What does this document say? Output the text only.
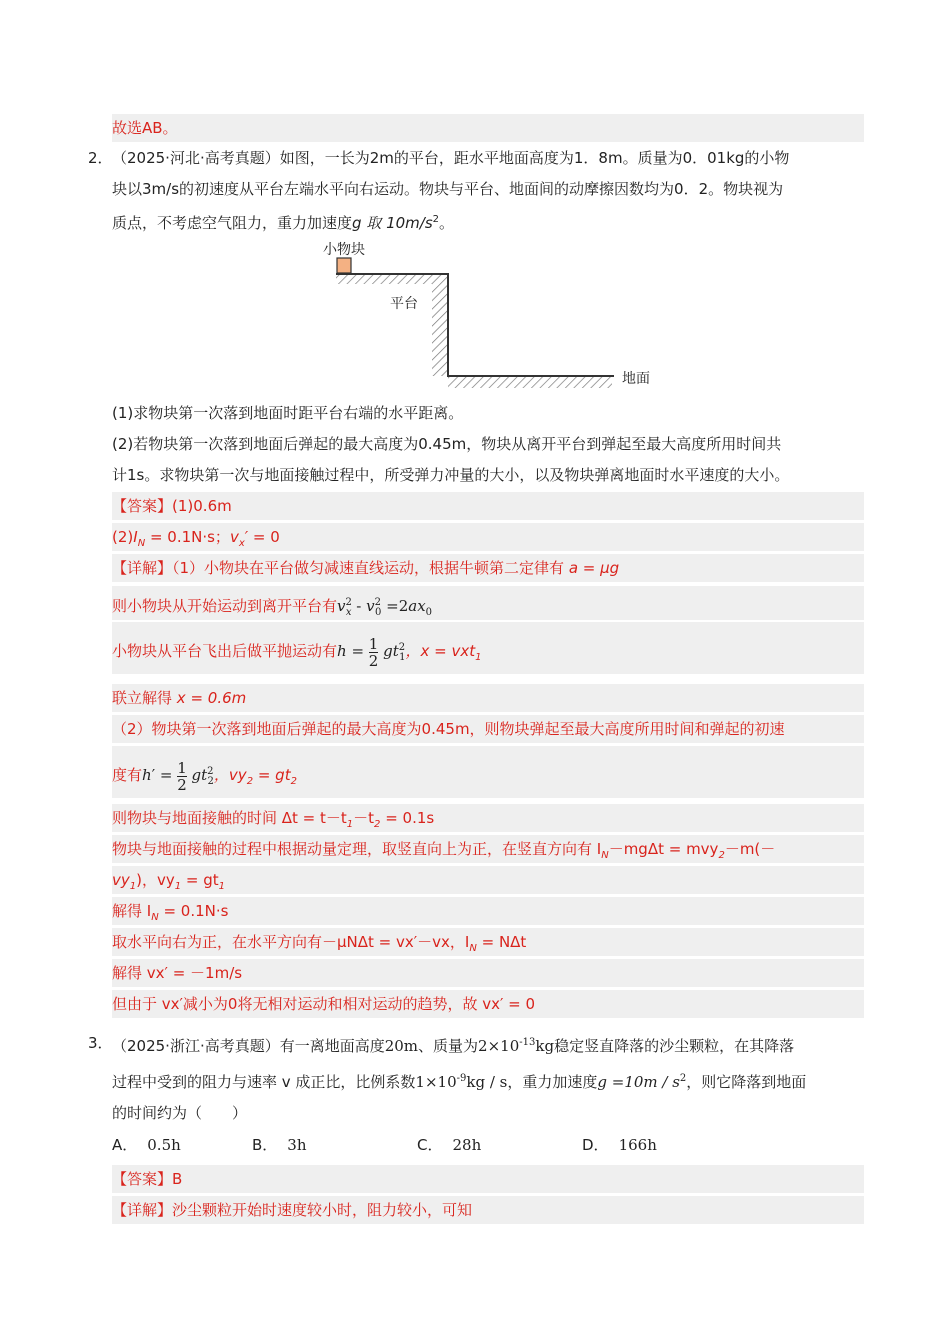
故选AB。
2． （2025·河北·高考真题）如图，一长为2m的平台，距水平地面高度为1．8m。质量为0．01kg的小物
块以3m/s的初速度从平台左端水平向右运动。物块与平台、地面间的动摩擦因数均为0．2。物块视为
质点，不考虑空气阻力，重力加速度g 取 $10m/s^2$。
小物块
平台
地面
(1)求物块第一次落到地面时距平台右端的水平距离。
(2)若物块第一次落到地面后弹起的最大高度为0.45m，物块从离开平台到弹起至最大高度所用时间共
计1s。求物块第一次与地面接触过程中，所受弹力冲量的大小，以及物块弹离地面时水平速度的大小。
【答案】(1)0.6m
$(2)I_N = 0.1N\cdot s$；$v_x' = 0$
【详解】（1）小物块在平台做匀减速直线运动，根据牛顿第二定律有 a = μg
则小物块从开始运动到离开平台有$v^2_x - v^2_0 =2ax_0$
小物块从平台飞出后做平抛运动有$h = \frac{1}{2} gt^2_1$，x = vxt$_1$
联立解得 x = 0.6m
（2）物块第一次落到地面后弹起的最大高度为0.45m，则物块弹起至最大高度所用时间和弹起的初速
度有$h' = \frac{1}{2} gt^2_2$，$vy_2 = gt_2$
则物块与地面接触的时间 $\Delta t = t-t_1-t_2 = 0.1s$
物块与地面接触的过程中根据动量定理，取竖直向上为正，在竖直方向有 $I_N-mg\Delta t = mvy_2-m(-$
$vy_1$)，$vy_1 = gt_1$
解得 $I_N = 0.1N\cdot s$
取水平向右为正，在水平方向有－μNΔt = vx′－vx，$I_N = N\Delta t$
解得 vx′ = －1m/s
但由于 vx′减小为0将无相对运动和相对运动的趋势，故 vx′ = 0
3． （2025·浙江·高考真题）有一离地面高度20m、质量为$2\times 10^{-13}kg$稳定竖直降落的沙尘颗粒，在其降落
过程中受到的阻力与速率 v 成正比，比例系数$1\times 10^{-9}kg / s$，重力加速度$g =10m / s^2$，则它降落到地面
的时间约为（　　）
A． 0.5h	B． 3h	C． 28h	D． 166h
【答案】B
【详解】沙尘颗粒开始时速度较小时，阻力较小，可知
